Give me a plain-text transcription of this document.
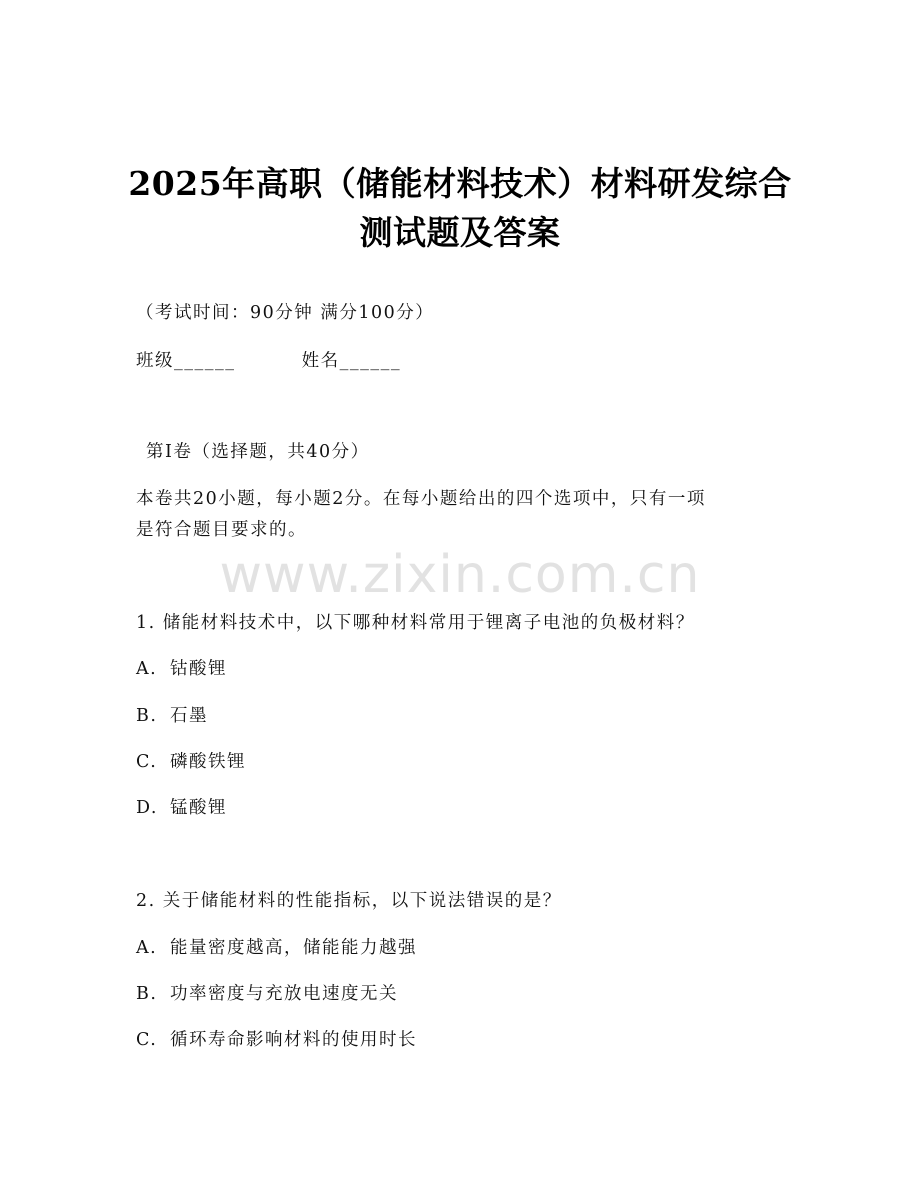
2025年高职（储能材料技术）材料研发综合
测试题及答案
（考试时间：90分钟 满分100分）
班级______	姓名______
第Ⅰ卷（选择题，共40分）
本卷共20小题，每小题2分。在每小题给出的四个选项中，只有一项
是符合题目要求的。
www.zixin.com.cn
1. 储能材料技术中，以下哪种材料常用于锂离子电池的负极材料？
A. 钴酸锂
B. 石墨
C. 磷酸铁锂
D. 锰酸锂
2. 关于储能材料的性能指标，以下说法错误的是？
A. 能量密度越高，储能能力越强
B. 功率密度与充放电速度无关
C. 循环寿命影响材料的使用时长
